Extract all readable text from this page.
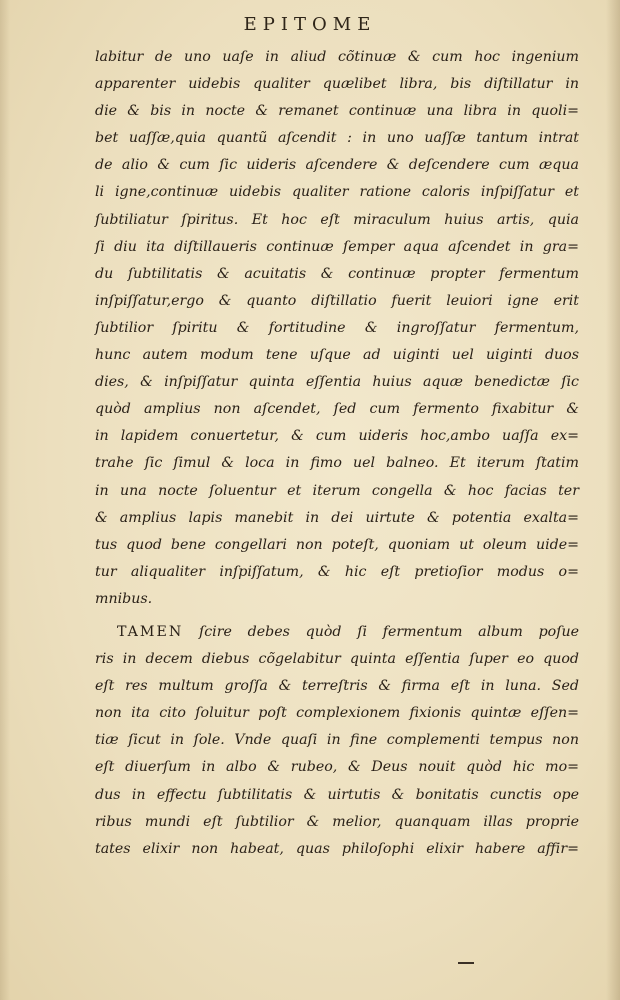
EPITOME
labitur de uno uaſe in aliud cõtinuæ & cum hoc ingenium
apparenter uidebis qualiter quælibet libra, bis diſtillatur in
die & bis in nocte & remanet continuæ una libra in quoli=
bet uaſſæ,quia quantũ aſcendit : in uno uaſſæ tantum intrat
de alio & cum ſic uideris aſcendere & deſcendere cum æqua
li igne,continuæ uidebis qualiter ratione caloris inſpiſſatur et
ſubtiliatur ſpiritus. Et hoc eſt miraculum huius artis, quia
ſi diu ita diſtillaueris continuæ ſemper aqua aſcendet in gra=
du ſubtilitatis & acuitatis & continuæ propter fermentum
inſpiſſatur,ergo & quanto diſtillatio fuerit leuiori igne erit
ſubtilior ſpiritu & fortitudine & ingroſſatur fermentum,
hunc autem modum tene uſque ad uiginti uel uiginti duos
dies, & inſpiſſatur quinta eſſentia huius aquæ benedictæ ſic
quòd amplius non aſcendet, ſed cum fermento fixabitur &
in lapidem conuertetur, & cum uideris hoc,ambo uaſſa ex=
trahe ſic ſimul & loca in fimo uel balneo. Et iterum ſtatim
in una nocte ſoluentur et iterum congella & hoc facias ter
& amplius lapis manebit in dei uirtute & potentia exalta=
tus quod bene congellari non poteſt, quoniam ut oleum uide=
tur aliqualiter inſpiſſatum, & hic eſt pretioſior modus o=
mnibus.
TAMEN ſcire debes quòd ſi fermentum album poſue
ris in decem diebus cõgelabitur quinta eſſentia ſuper eo quod
eſt res multum groſſa & terreſtris & firma eſt in luna. Sed
non ita cito ſoluitur poſt complexionem fixionis quintæ eſſen=
tiæ ſicut in ſole. Vnde quaſi in fine complementi tempus non
eſt diuerſum in albo & rubeo, & Deus nouit quòd hic mo=
dus in effectu ſubtilitatis & uirtutis & bonitatis cunctis ope
ribus mundi eſt ſubtilior & melior, quanquam illas proprie
tates elixir non habeat, quas philoſophi elixir habere affir=
